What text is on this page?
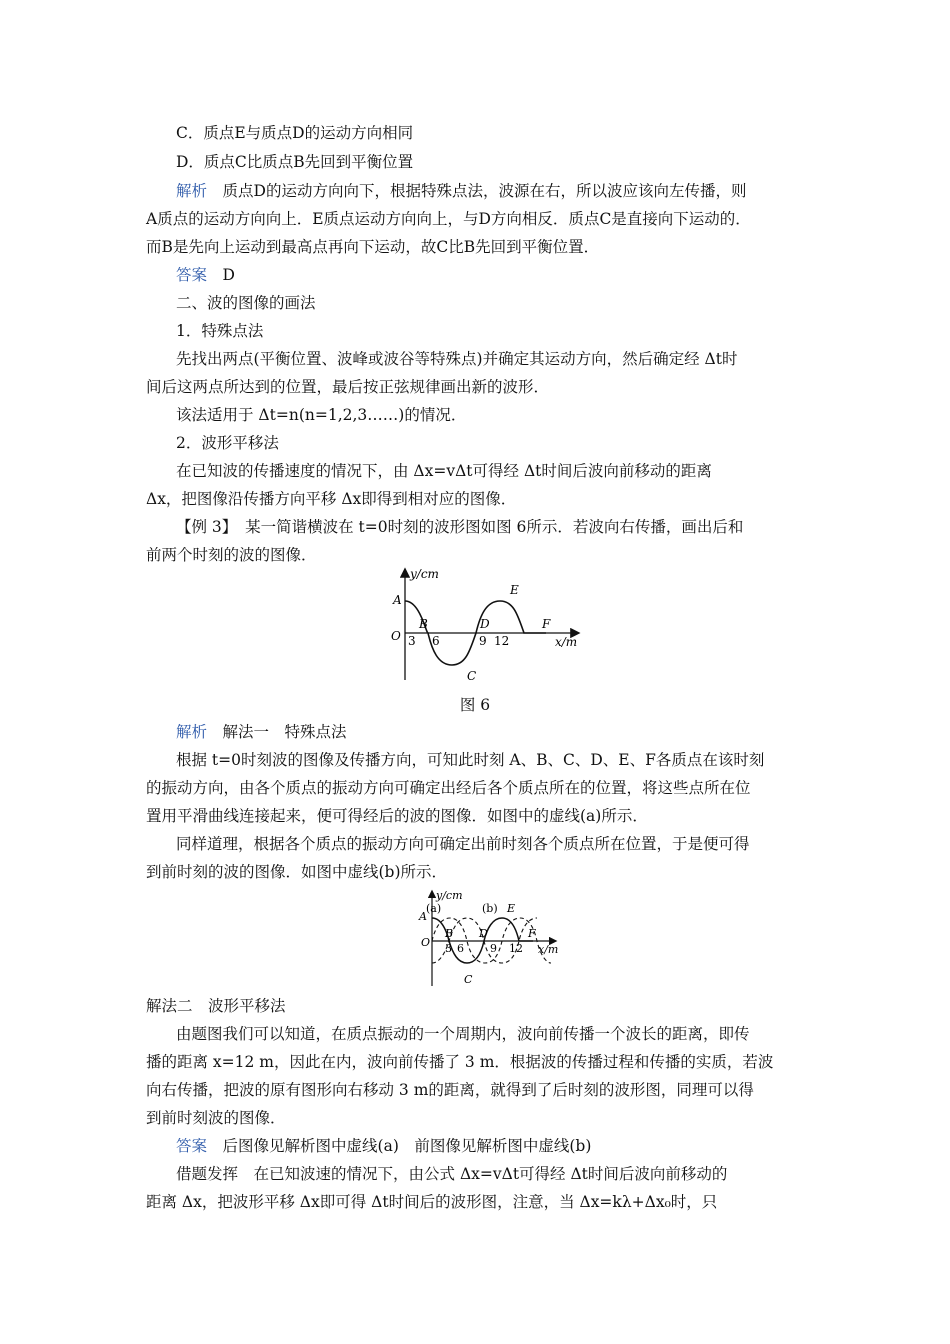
C．质点E与质点D的运动方向相同
D．质点C比质点B先回到平衡位置
解析　 质点D的运动方向向下，根据特殊点法，波源在右，所以波应该向左传播，则
A质点的运动方向向上．E质点运动方向向上，与D方向相反．质点C是直接向下运动的．
而B是先向上运动到最高点再向下运动，故C比B先回到平衡位置．
答案　 D
二、波的图像的画法
1．特殊点法
先找出两点(平衡位置、波峰或波谷等特殊点)并确定其运动方向，然后确定经 Δt时
间后这两点所达到的位置，最后按正弦规律画出新的波形．
该法适用于 Δt=n(n=1,2,3……)的情况．
2．波形平移法
在已知波的传播速度的情况下，由 Δx=vΔt可得经 Δt时间后波向前移动的距离
Δx，把图像沿传播方向平移 Δx即得到相对应的图像．
【例 3】　 某一简谐横波在 t=0时刻的波形图如图 6所示．若波向右传播，画出后和
前两个时刻的波的图像．
y/cm
x/m
O 3 6	9 12
A
B
C
D
E
F
图 6
解析　 解法一　特殊点法
根据 t=0时刻波的图像及传播方向，可知此时刻 A、B、C、D、E、F各质点在该时刻
的振动方向，由各个质点的振动方向可确定出经后各个质点所在的位置，将这些点所在位
置用平滑曲线连接起来，便可得经后的波的图像．如图中的虚线(a)所示．
同样道理，根据各个质点的振动方向可确定出前时刻各个质点所在位置，于是便可得
到前时刻的波的图像．如图中虚线(b)所示．
y/cm
x/m
O
A
(a)	(b) E
B D	F
C
3 6 9 12
解法二　波形平移法
由题图我们可以知道，在质点振动的一个周期内，波向前传播一个波长的距离，即传
播的距离 x=12 m，因此在内，波向前传播了 3 m．根据波的传播过程和传播的实质，若波
向右传播，把波的原有图形向右移动 3 m的距离，就得到了后时刻的波形图，同理可以得
到前时刻波的图像．
答案　 后图像见解析图中虚线(a)　前图像见解析图中虚线(b)
借题发挥　 在已知波速的情况下，由公式 Δx=vΔt可得经 Δt时间后波向前移动的
距离 Δx，把波形平移 Δx即可得 Δt时间后的波形图，注意，当 Δx=kλ+Δx₀时，只
